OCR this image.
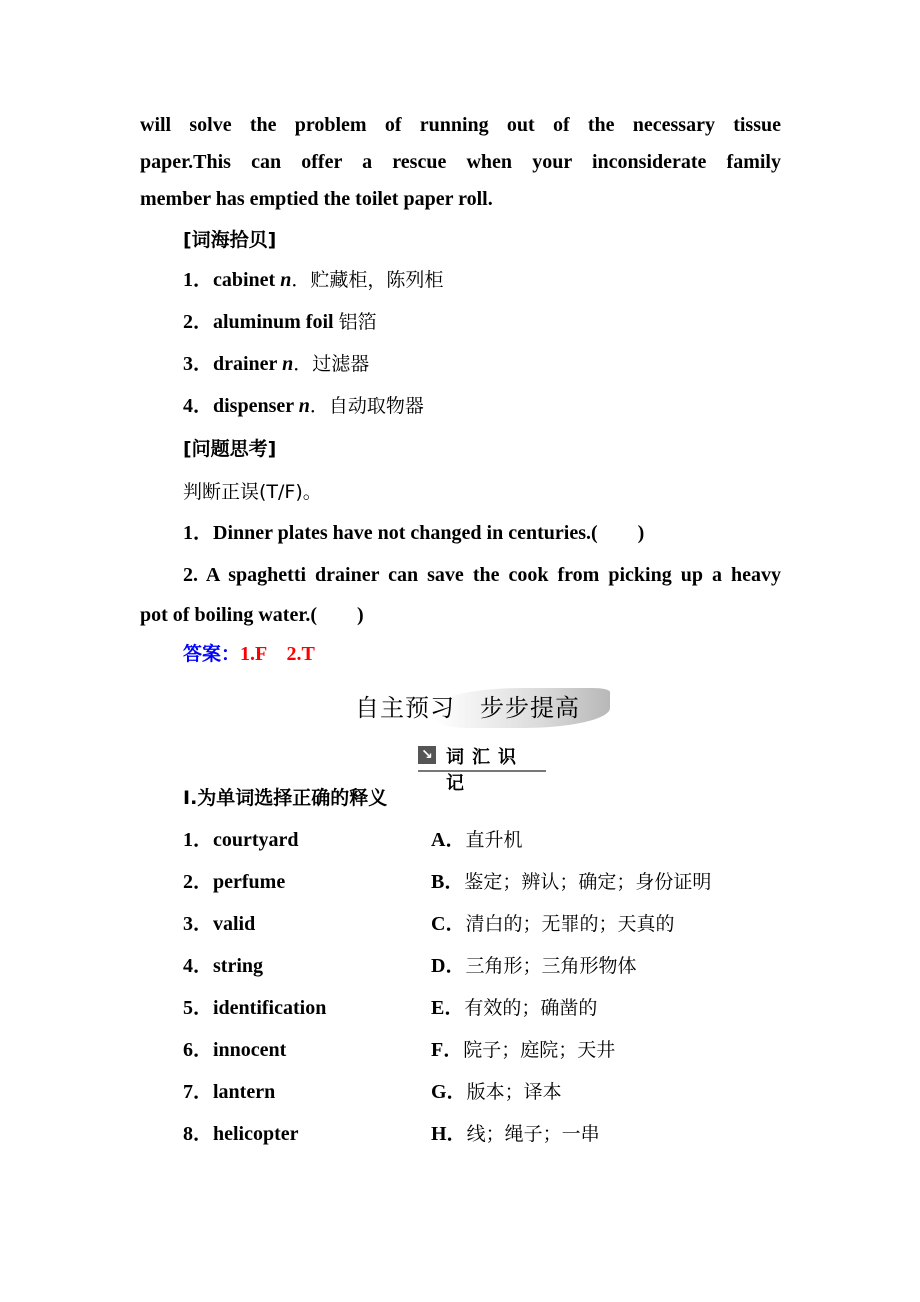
will solve the problem of running out of the necessary tissue
paper.This can offer a rescue when your inconsiderate family
member has emptied the toilet paper roll.
[词海拾贝]
[问题思考]
判断正误(T/F)。
1．Dinner plates have not changed in centuries.(　　)
2. A spaghetti drainer can save the cook from picking up a heavy
pot of boiling water.(　　)
答案：1.F　2.T
自主预习　步步提高
↘ 词汇识记
Ⅰ.为单词选择正确的释义
1．cabinet n．贮藏柜，陈列柜
2．aluminum foil 铝箔
3．drainer n．过滤器
4．dispenser n．自动取物器
1．courtyard	A．直升机
2．perfume	B．鉴定；辨认；确定；身份证明
3．valid	C．清白的；无罪的；天真的
4．string	D．三角形；三角形物体
5．identification	E．有效的；确凿的
6．innocent	F．院子；庭院；天井
7．lantern	G．版本；译本
8．helicopter	H．线；绳子；一串
